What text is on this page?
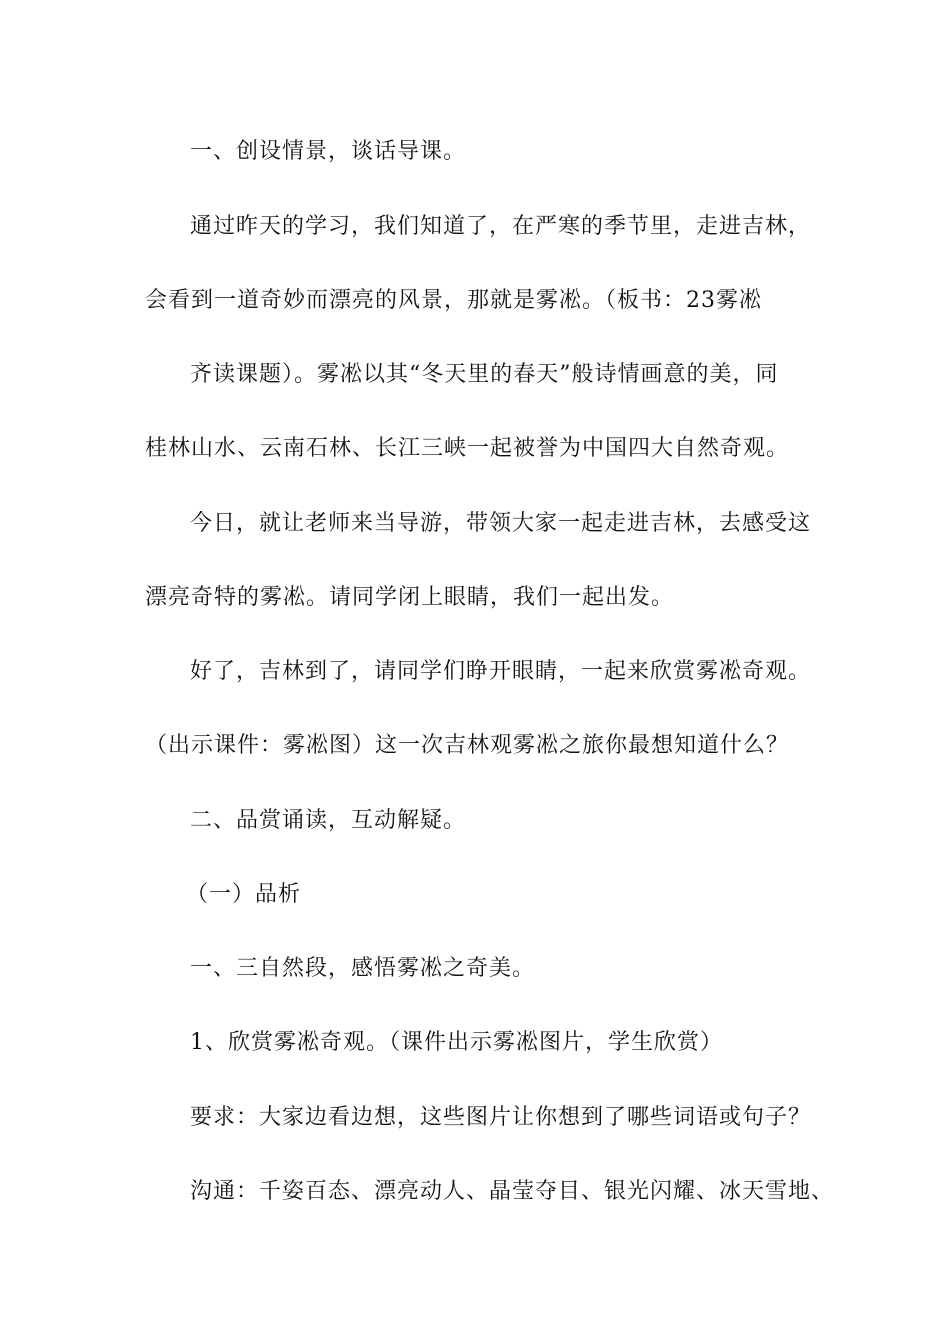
一、创设情景，谈话导课。
通过昨天的学习，我们知道了，在严寒的季节里，走进吉林，
会看到一道奇妙而漂亮的风景，那就是雾凇。（板书：23雾凇
齐读课题）。雾凇以其“冬天里的春天”般诗情画意的美，同
桂林山水、云南石林、长江三峡一起被誉为中国四大自然奇观。
今日，就让老师来当导游，带领大家一起走进吉林，去感受这
漂亮奇特的雾凇。请同学闭上眼睛，我们一起出发。
好了，吉林到了，请同学们睁开眼睛，一起来欣赏雾凇奇观。
（出示课件：雾凇图）这一次吉林观雾凇之旅你最想知道什么？
二、品赏诵读，互动解疑。
（一）品析
一、三自然段，感悟雾凇之奇美。
1、欣赏雾凇奇观。（课件出示雾凇图片，学生欣赏）
要求：大家边看边想，这些图片让你想到了哪些词语或句子？
沟通：千姿百态、漂亮动人、晶莹夺目、银光闪耀、冰天雪地、
